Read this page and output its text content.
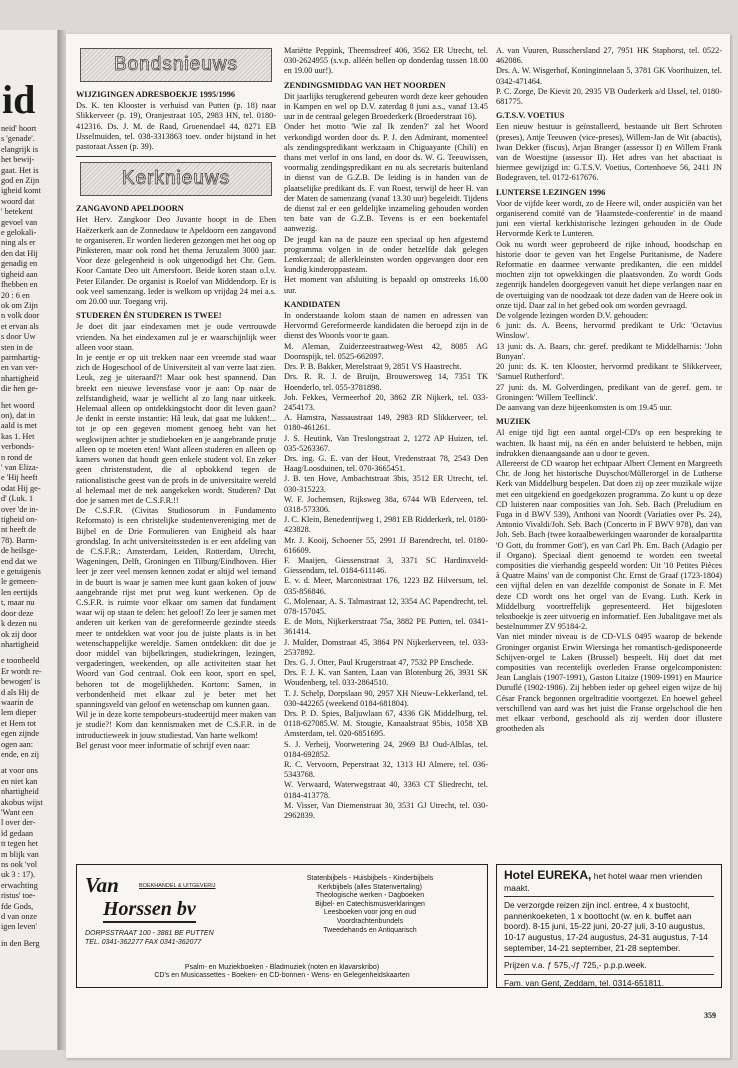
id
neid' hoort
s 'genade'.
elangrijk is
het bewij-
gaat. Het is
god en Zijn
igheid komt
woord dat
' betekent
gevoel van
e gelokali-
ning als er
den dat Hij
genadig en
tigheid aan
fhebben en
20 : 6 en
ok om Zijn
n volk door
et ervan als
s door Uw
sten in de
parmhartig-
en van ver-
nhartigheid
die hen ge-
het woord
on), dat in
aald is met
kas 1. Het
verbonds-
n rond de
' van Eliza-
e 'Hij heeft
odat Hij ge-
d' (Luk. 1
over 'de in-
tigheid on-
nt heeft de
78). Barm-
de heilsge-
end dat we
e getuigenis
le gemeen-
len eertijds
t, maar nu
door deze
k dezen nu
ok zij door
nhartigheid
e toonbeeld
Er wordt re-
bewogen' is
d als Hij de
waarin de
lem dieper
et Hem tot
egen zijnde
ogen aan:
ende, en zij
at voor ons
en niet kan
nhartigheid
akobus wijst
'Want een
l over der-
ïd gedaan
tt tegen het
m blijk van
ns ook 'vol
uk 3 : 17).
erwachting
ristus' toe-
fde Gods,
d van onze
igen leven'
in den Berg
Bondsnieuws
WIJZIGINGEN ADRESBOEKJE 1995/1996

Ds. K. ten Klooster is verhuisd van Putten (p. 18) naar Slikkerveer (p. 19), Oranjestraat 105, 2983 HN, tel. 0180-412316. Ds. J. M. de Raad, Groenendael 44, 8271 EB IJsselmuiden, tel. 038-3313863 toev. onder bijstand in het pastoraat Assen (p. 39).

Kerknieuws
ZANGAVOND APELDOORN

Het Herv. Zangkoor Deo Juvante hoopt in de Eben Haëzerkerk aan de Zonnedauw te Apeldoorn een zangavond te organiseren. Er worden liederen gezongen met het oog op Pinksteren, maar ook rond het thema Jeruzalem 3000 jaar. Voor deze gelegenheid is ook uitgenodigd het Chr. Gem. Koor Cantate Deo uit Amersfoort. Beide koren staan o.l.v. Peter Eilander. De organist is Roelof van Middendorp. Er is ook veel samenzang. Ieder is welkom op vrijdag 24 mei a.s. om 20.00 uur. Toegang vrij.

STUDEREN ÉN STUDEREN IS TWEE!

Je doet dit jaar eindexamen met je oude vertrouwde vrienden. Na het eindexamen zul je er waarschijnlijk weer alleen voor staan.

In je eentje er op uit trekken naar een vreemde stad waar zich de Hogeschool of de Universiteit al van verre laat zien. Leuk, zeg je uiteraard?! Maar ook best spannend. Dan breekt een nieuwe levensfase voor je aan: Op naar de zelfstandigheid, waar je wellicht al zo lang naar uitkeek. Helemaal alleen op ontdekkingstocht door dit leven gaan? Je denkt in eerste instantie: Hâ leuk, dat gaat me lukken!... tot je op een gegeven moment genoeg hebt van het wegkwijnen achter je studieboeken en je aangebrande prutje alleen op te moeten eten! Want alleen studeren en alleen op kamers wonen dat houdt geen enkele student vol. En zeker geen christenstudent, die al opbokkend tegen de rationalistische geest van de profs in de universitaire wereld al helemaal met de nek aangekeken wordt. Studeren? Dat doe je samen met de C.S.F.R.!!

De C.S.F.R. (Civitas Studiosorum in Fundamento Reformato) is een christelijke studentenvereniging met de Bijbel en de Drie Formulieren van Enigheid als haar grondslag. In acht universiteitssteden is er een afdeling van de C.S.F.R.: Amsterdam, Leiden, Rotterdam, Utrecht, Wageningen, Delft, Groningen en Tilburg/Eindhoven. Hier leer je zeer veel mensen kennen zodat er altijd wel iemand in de buurt is waar je samen mee kunt gaan koken of jouw aangebrande rijst met prut weg kunt werkenen. Op de C.S.F.R. is ruimte voor elkaar om samen dat fundament waar wij op staan te delen: het geloof! Zo leer je samen met anderen uit kerken van de gereformeerde gezindte steeds meer te ontdekken wat voor jou de juiste plaats is in het wetenschappelijke wereldje. Samen ontdekken: dit doe je door middel van bijbelkringen, studiekringen, lezingen, vergaderingen, weekenden, op alle activiteiten staat het Woord van God centraal. Ook een koor, sport en spel, behoren tot de mogelijkheden. Kortom: Samen, in verbondenheid met elkaar zul je beter met het spanningsveld van geloof en wetenschap om kunnen gaan.

Wil je in deze korte tempobeurs-studeertijd meer maken van je studie?! Kom dan kennismaken met de C.S.F.R. in de introductieweek in jouw studiestad. Van harte welkom!

Bel gerust voor meer informatie of schrijf even naar:

Mariëtte Peppink, Theemsdreef 406, 3562 ER Utrecht, tel. 030-2624955 (s.v.p. alléén bellen op donderdag tussen 18.00 en 19.00 uur!).

ZENDINGSMIDDAG VAN HET NOORDEN

Dit jaarlijks terugkerend gebeuren wordt deze keer gehouden in Kampen en wel op D.V. zaterdag 8 juni a.s., vanaf 13.45 uur in de centraal gelegen Broederkerk (Broederstraat 16).

Onder het motto 'Wie zal Ik zenden?' zal het Woord verkondigd worden door ds. P. J. den Admirant, momenteel als zendingspredikant werkzaam in Chiguayante (Chili) en thans met verlof in ons land, en door ds. W. G. Teeuwissen, voormalig zendingspredikant en nu als secretaris buitenland in dienst van de G.Z.B. De leiding is in handen van de plaatselijke predikant ds. F. van Roest, terwijl de heer H. van der Maten de samenzang (vanaf 13.30 uur) begeleidt. Tijdens de dienst zal er een geldelijke inzameling gehouden worden ten bate van de G.Z.B. Tevens is er een boekentafel aanwezig.

De jeugd kan na de pauze een speciaal op hen afgestemd programma volgen in de onder hetzelfde dak gelegen Lemkerzaal; de allerkleinsten worden opgevangen door een kundig kinderoppasteam.

Het moment van afsluiting is bepaald op omstreeks 16.00 uur.

KANDIDATEN

In onderstaande kolom staan de namen en adressen van Hervormd Gereformeerde kandidaten die beroepd zijn in de dienst des Woords voor te gaan.

M. Aleman, Zuiderzeestraatweg-West 42, 8085 AG Doornspijk, tel. 0525-662097.

Drs. P. B. Bakker, Merelstraat 9, 2851 VS Haastrecht.

Drs. R. R. J. de Bruijn, Brouwersweg 14, 7351 TK Hoenderlo, tel. 055-3781898.

Joh. Fekkes, Vermeerhof 20, 3862 ZR Nijkerk, tel. 033-2454173.

A. Hamstra, Nassaustraat 149, 2983 RD Slikkerveer, tel. 0180-461261.

J. S. Heutink, Van Treslongstraat 2, 1272 AP Huizen, tel. 035-5263367.

Drs. ing. G. E. van der Hout, Vredenstraat 78, 2543 Den Haag/Loosduinen, tel. 070-3665451.

J. B. ten Hove, Ambachtstraat 3bis, 3512 ER Utrecht, tel. 030-315223.

W. F. Jochemsen, Rijksweg 38a, 6744 WB Ederveen, tel. 0318-573306.

J. C. Klein, Benedenrijweg 1, 2981 EB Ridderkerk, tel. 0180-423828.

Mr. J. Kooij, Schoener 55, 2991 JJ Barendrecht, tel. 0180-616609.

F. Maaijen, Giessenstraat 3, 3371 SC Hardinxveld-Giessendam, tel. 0184-611146.

E. v. d. Meer, Marconistraat 176, 1223 BZ Hilversum, tel. 035-856846.

C. Molenaar, A. S. Talmastraat 12, 3354 AC Papendrecht, tel. 078-157045.

E. de Mots, Nijkerkerstraat 75a, 3882 PE Putten, tel. 0341-361414.

J. Mulder, Domstraat 45, 3864 PN Nijkerkerveen, tel. 033-2537892.

Drs. G. J. Otter, Paul Krugerstraat 47, 7532 PP Enschede.

Drs. F. J. K. van Santen, Laan van Blotenburg 26, 3931 SK Woudenberg, tel. 033-2864510.

T. J. Schelp, Dorpslaan 90, 2957 XH Nieuw-Lekkerland, tel. 030-442265 (weekend 0184-681804).

Drs. P. D. Spies, Baljuwlaan 67, 4336 GK Middelburg, tel. 0118-627085.W. M. Stougie, Kanaalstraat 95bis, 1058 XB Amsterdam, tel. 020-6851695.

S. J. Verheij, Voorwetering 24, 2969 BJ Oud-Alblas, tel. 0184-692852.

R. C. Vervoorn, Peperstraat 32, 1313 HJ Almere, tel. 036-5343768.

W. Verwaard, Waterwegstraat 40, 3363 CT Sliedrecht, tel. 0184-413778.

M. Visser, Van Diemenstraat 30, 3531 GJ Utrecht, tel. 030-2962839.

A. van Vuuren, Russchersland 27, 7951 HK Staphorst, tel. 0522-462086.

Drs. A. W. Wisgerhof, Koninginnelaan 5, 3781 GK Voorthuizen, tel. 0342-471464.

P. C. Zorge, De Kievit 20, 2935 VB Ouderkerk a/d IJssel, tel. 0180-681775.

G.T.S.V. VOETIUS

Een nieuw bestuur is geïnstalleerd, bestaande uit Bert Schroten (preses), Antje Teeuwen (vice-preses), Willem-Jan de Wit (abactis), Iwan Dekker (fiscus), Arjan Branger (assessor I) en Willem Frank van de Woestijne (assessor II). Het adres van het abactiaat is hiermee gewijzigd in: G.T.S.V. Voetius, Cortenhoeve 56, 2411 JN Bodegraven, tel. 0172-617676.

LUNTERSE LEZINGEN 1996

Voor de vijfde keer wordt, zo de Heere wil, onder auspiciën van het organiserend comité van de 'Haamstede-conferentie' in de maand juni een viertal kerkhistorische lezingen gehouden in de Oude Hervormde Kerk te Lunteren.

Ook nu wordt weer geprobeerd de rijke inhoud, boodschap en historie door te geven van het Engelse Puritanisme, de Nadere Reformatie en daarmee verwante predikanten, die een middel mochten zijn tot opwekkingen die plaatsvonden. Zo wordt Gods zegenrijk handelen doorgegeven vanuit het diepe verlangen naar en de overtuiging van de noodzaak tot deze daden van de Heere ook in onze tijd. Daar zal in het gebed ook om worden gevraagd.

De volgende lezingen worden D.V. gehouden:

6 juni: ds. A. Beens, hervormd predikant te Urk: 'Octavius Winslow'.

13 juni: ds. A. Baars, chr. geref. predikant te Middelharnis: 'John Bunyan'.

20 juni: ds. K. ten Klooster, hervormd predikant te Slikkerveer, 'Samuel Rutherford'.

27 juni: ds. M. Golverdingen, predikant van de geref. gem. te Groningen: 'Willem Teellinck'.

De aanvang van deze bijeenkomsten is om 19.45 uur.

MUZIEK

Al enige tijd ligt een aantal orgel-CD's op een bespreking te wachten. Ik haast mij, na één en ander beluisterd te hebben, mijn indrukken dienaangaande aan u door te geven.

Allereerst de CD waarop het echtpaar Albert Clement en Margreeth Chr. de Jong het historische Duyschot/Müllerorgel in de Lutherse Kerk van Middelburg bespelen. Dat doen zij op zeer muzikale wijze met een uitgekiend en goedgekozen programma. Zo kunt u op deze CD luisteren naar composities van Joh. Seb. Bach (Preludium en Fuga in d BWV 539), Anthoni van Noordt (Variaties over Ps. 24), Antonio Vivaldi/Joh. Seb. Bach (Concerto in F BWV 978), dan van Joh. Seb. Bach (twee koraalbewerkingen waaronder de koraalpartita 'O Gott, du frommer Gott'), en van Carl Ph. Em. Bach (Adagio per il Organo). Speciaal dient genoemd te worden een tweetal composities die vierhandig gespeeld worden: Uit '10 Petites Pièces à Quatre Mains' van de componist Chr. Ernst de Graaf (1723-1804) een vijftal delen en van dezelfde componist de Sonate in F. Met deze CD wordt ons het orgel van de Evang. Luth. Kerk in Middelburg voortreffelijk gepresenteerd. Het bijgesloten tekstboekje is zeer uitvoerig en informatief. Een Jubalitgave met als bestelnummer ZV 95184-2.

Van niet minder niveau is de CD-VLS 0495 waarop de bekende Groninger organist Erwin Wiersinga het romantisch-gedisponeerde Schijven-orgel te Laken (Brussel) bespeelt. Hij doet dat met composities van recentelijk overleden Franse orgelcomponisten: Jean Langlais (1907-1991), Gaston Litaize (1909-1991) en Maurice Duruflé (1902-1986). Zij hebben ieder op geheel eigen wijze de bij César Franck begonnen orgeltraditie voortgezet. En hoewel geheel verschillend van aard was het juist die Franse orgelschool die hen met elkaar verbond, geschoold als zij werden door illustere grootheden als

Van	BOEKHANDEL & UITGEVERIJ
Horssen bv
DORPSSTRAAT 100 - 3881 BE PUTTEN
TEL. 0341-362277 FAX 0341-362077
Statenbijbels - Huisbijbels - Kinderbijbels
Kerkbijbels (alles Statenvertaling)
Theologische werken - Dagboeken
Bijbel- en Catechismusverklaringen
Leesboeken voor jong en oud
Voordrachtenbundels
Tweedehands en Antiquarisch
Psalm- en Muziekboeken - Bladmuziek (noten en klavarskribo)
CD's en Musicassettes - Boeken- en CD-bonnen - Wens- en Gelegenheidskaarten
Hotel EUREKA, het hotel waar men vrienden maakt.

De verzorgde reizen zijn incl. entree, 4 x bustocht, pannenkoeketen, 1 x boottocht (w. en k. buffet aan boord). 8-15 juni, 15-22 juni, 20-27 juli, 3-10 augustus, 10-17 augustus, 17-24 augustus, 24-31 augustus, 7-14 september, 14-21 september, 21-28 september.

Prijzen v.a. ƒ 575,-/ƒ 725,- p.p.p.week.

Fam. van Gent, Zeddam, tel. 0314-651811.

359
